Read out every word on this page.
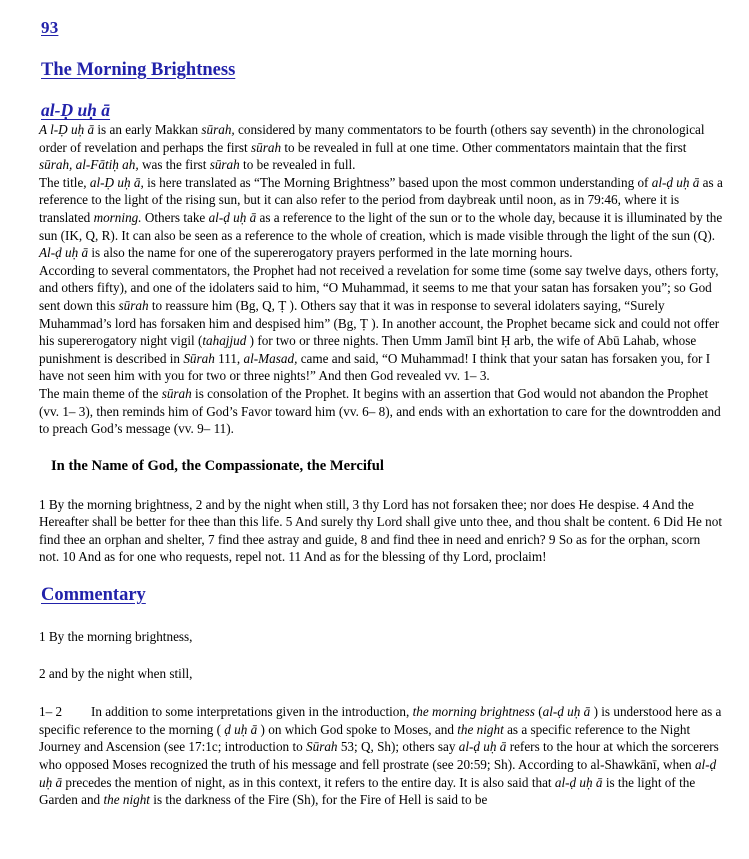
93
The Morning Brightness
al-Ḍ uḥ ā

A l-Ḍ uḥ ā is an early Makkan sūrah, considered by many commentators to be fourth (others say seventh) in the chronological order of revelation and perhaps the first sūrah to be revealed in full at one time. Other commentators maintain that the first sūrah, al-Fātiḥ ah, was the first sūrah to be revealed in full.

The title, al-Ḍ uḥ ā, is here translated as “The Morning Brightness” based upon the most common understanding of al-ḍ uḥ ā as a reference to the light of the rising sun, but it can also refer to the period from daybreak until noon, as in 79:46, where it is translated morning. Others take al-ḍ uḥ ā as a reference to the light of the sun or to the whole day, because it is illuminated by the sun (IK, Q, R). It can also be seen as a reference to the whole of creation, which is made visible through the light of the sun (Q). Al-ḍ uḥ ā is also the name for one of the supererogatory prayers performed in the late morning hours.

According to several commentators, the Prophet had not received a revelation for some time (some say twelve days, others forty, and others fifty), and one of the idolaters said to him, “O Muhammad, it seems to me that your satan has forsaken you”; so God sent down this sūrah to reassure him (Bg, Q, Ṭ ). Others say that it was in response to several idolaters saying, “Surely Muhammad’s lord has forsaken him and despised him” (Bg, Ṭ ). In another account, the Prophet became sick and could not offer his supererogatory night vigil (tahajjud ) for two or three nights. Then Umm Jamīl bint Ḥ arb, the wife of Abū Lahab, whose punishment is described in Sūrah 111, al-Masad, came and said, “O Muhammad! I think that your satan has forsaken you, for I have not seen him with you for two or three nights!” And then God revealed vv. 1– 3.

The main theme of the sūrah is consolation of the Prophet. It begins with an assertion that God would not abandon the Prophet (vv. 1– 3), then reminds him of God’s Favor toward him (vv. 6– 8), and ends with an exhortation to care for the downtrodden and to preach God’s message (vv. 9– 11).

In the Name of God, the Compassionate, the Merciful

1 By the morning brightness, 2 and by the night when still, 3 thy Lord has not forsaken thee; nor does He despise. 4 And the Hereafter shall be better for thee than this life. 5 And surely thy Lord shall give unto thee, and thou shalt be content. 6 Did He not find thee an orphan and shelter, 7 find thee astray and guide, 8 and find thee in need and enrich? 9 So as for the orphan, scorn not. 10 And as for one who requests, repel not. 11 And as for the blessing of thy Lord, proclaim!

Commentary

1 By the morning brightness,

2 and by the night when still,

1– 2 In addition to some interpretations given in the introduction, the morning brightness (al-ḍ uḥ ā ) is understood here as a specific reference to the morning ( ḍ uḥ ā ) on which God spoke to Moses, and the night as a specific reference to the Night Journey and Ascension (see 17:1c; introduction to Sūrah 53; Q, Sh); others say al-ḍ uḥ ā refers to the hour at which the sorcerers who opposed Moses recognized the truth of his message and fell prostrate (see 20:59; Sh). According to al-Shawkānī, when al-ḍ uḥ ā precedes the mention of night, as in this context, it refers to the entire day. It is also said that al-ḍ uḥ ā is the light of the Garden and the night is the darkness of the Fire (Sh), for the Fire of Hell is said to be
